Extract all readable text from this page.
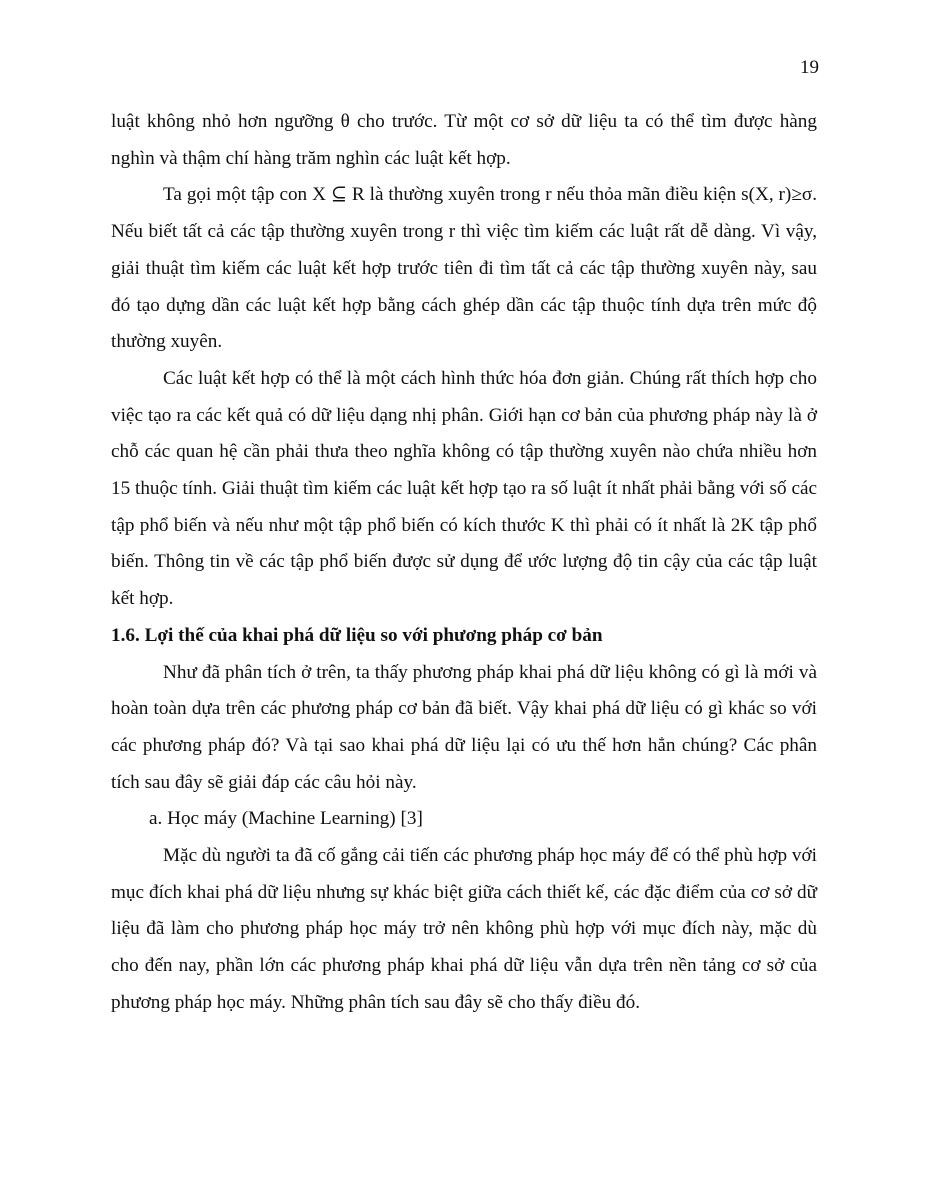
19

luật không nhỏ hơn ngưỡng θ cho trước. Từ một cơ sở dữ liệu ta có thể tìm được hàng nghìn và thậm chí hàng trăm nghìn các luật kết hợp.

Ta gọi một tập con X ⊆ R là thường xuyên trong r nếu thỏa mãn điều kiện s(X, r)≥σ. Nếu biết tất cả các tập thường xuyên trong r thì việc tìm kiếm các luật rất dễ dàng. Vì vậy, giải thuật tìm kiếm các luật kết hợp trước tiên đi tìm tất cả các tập thường xuyên này, sau đó tạo dựng dần các luật kết hợp bằng cách ghép dần các tập thuộc tính dựa trên mức độ thường xuyên.

Các luật kết hợp có thể là một cách hình thức hóa đơn giản. Chúng rất thích hợp cho việc tạo ra các kết quả có dữ liệu dạng nhị phân. Giới hạn cơ bản của phương pháp này là ở chỗ các quan hệ cần phải thưa theo nghĩa không có tập thường xuyên nào chứa nhiều hơn 15 thuộc tính. Giải thuật tìm kiếm các luật kết hợp tạo ra số luật ít nhất phải bằng với số các tập phổ biến và nếu như một tập phổ biến có kích thước K thì phải có ít nhất là 2K tập phổ biến. Thông tin về các tập phổ biến được sử dụng để ước lượng độ tin cậy của các tập luật kết hợp.

1.6. Lợi thế của khai phá dữ liệu so với phương pháp cơ bản

Như đã phân tích ở trên, ta thấy phương pháp khai phá dữ liệu không có gì là mới và hoàn toàn dựa trên các phương pháp cơ bản đã biết. Vậy khai phá dữ liệu có gì khác so với các phương pháp đó? Và tại sao khai phá dữ liệu lại có ưu thế hơn hẳn chúng? Các phân tích sau đây sẽ giải đáp các câu hỏi này.

a. Học máy (Machine Learning) [3]

Mặc dù người ta đã cố gắng cải tiến các phương pháp học máy để có thể phù hợp với mục đích khai phá dữ liệu nhưng sự khác biệt giữa cách thiết kế, các đặc điểm của cơ sở dữ liệu đã làm cho phương pháp học máy trở nên không phù hợp với mục đích này, mặc dù cho đến nay, phần lớn các phương pháp khai phá dữ liệu vẫn dựa trên nền tảng cơ sở của phương pháp học máy. Những phân tích sau đây sẽ cho thấy điều đó.
